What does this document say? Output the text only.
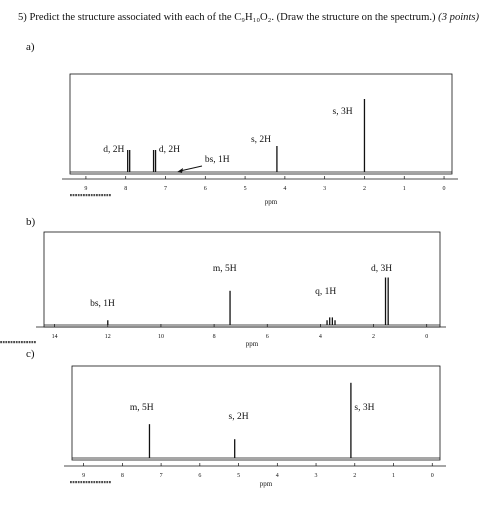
5) Predict the structure associated with each of the C₉H₁₀O₂. (Draw the structure on the spectrum.) (3 points)
a)
9	8	7	6	5	4	3	2	1	0
ppm
d, 2H	d, 2H
bs, 1H
s, 2H
s, 3H
b)
14	12	10	8	6	4	2	0
ppm
bs, 1H
m, 5H
q, 1H
d, 3H
c)
9	8	7	6	5	4	3	2	1	0
ppm
m, 5H
s, 2H
s, 3H
